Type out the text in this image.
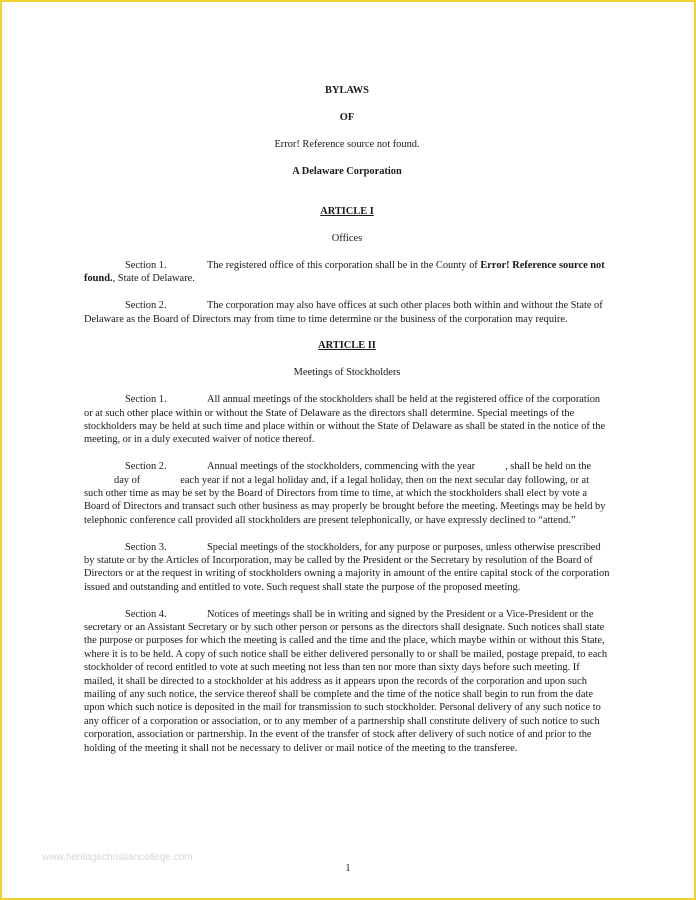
BYLAWS
OF
Error! Reference source not found.
A Delaware Corporation
ARTICLE I
Offices

Section 1.	The registered office of this corporation shall be in the County of Error! Reference source not found., State of Delaware.

Section 2.	The corporation may also have offices at such other places both within and without the State of Delaware as the Board of Directors may from time to time determine or the business of the corporation may require.

ARTICLE II
Meetings of Stockholders

Section 1.	All annual meetings of the stockholders shall be held at the registered office of the corporation or at such other place within or without the State of Delaware as the directors shall determine. Special meetings of the stockholders may be held at such time and place within or without the State of Delaware as shall be stated in the notice of the meeting, or in a duly executed waiver of notice thereof.

Section 2.	Annual meetings of the stockholders, commencing with the year	, shall be held on theday of	each year if not a legal holiday and, if a legal holiday, then on the next secular day following, or at such other time as may be set by the Board of Directors from time to time, at which the stockholders shall elect by vote a Board of Directors and transact such other business as may properly be brought before the meeting. Meetings may be held by telephonic conference call provided all stockholders are present telephonically, or have expressly declined to “attend.”

Section 3.	Special meetings of the stockholders, for any purpose or purposes, unless otherwise prescribed by statute or by the Articles of Incorporation, may be called by the President or the Secretary by resolution of the Board of Directors or at the request in writing of stockholders owning a majority in amount of the entire capital stock of the corporation issued and outstanding and entitled to vote. Such request shall state the purpose of the proposed meeting.

Section 4.	Notices of meetings shall be in writing and signed by the President or a Vice-President or the secretary or an Assistant Secretary or by such other person or persons as the directors shall designate. Such notices shall state the purpose or purposes for which the meeting is called and the time and the place, which maybe within or without this State, where it is to be held. A copy of such notice shall be either delivered personally to or shall be mailed, postage prepaid, to each stockholder of record entitled to vote at such meeting not less than ten nor more than sixty days before such meeting. If mailed, it shall be directed to a stockholder at his address as it appears upon the records of the corporation and upon such mailing of any such notice, the service thereof shall be complete and the time of the notice shall begin to run from the date upon which such notice is deposited in the mail for transmission to such stockholder. Personal delivery of any such notice to any officer of a corporation or association, or to any member of a partnership shall constitute delivery of such notice to such corporation, association or partnership. In the event of the transfer of stock after delivery of such notice of and prior to the holding of the meeting it shall not be necessary to deliver or mail notice of the meeting to the transferee.

www.heritagechristiancollege.com
1
